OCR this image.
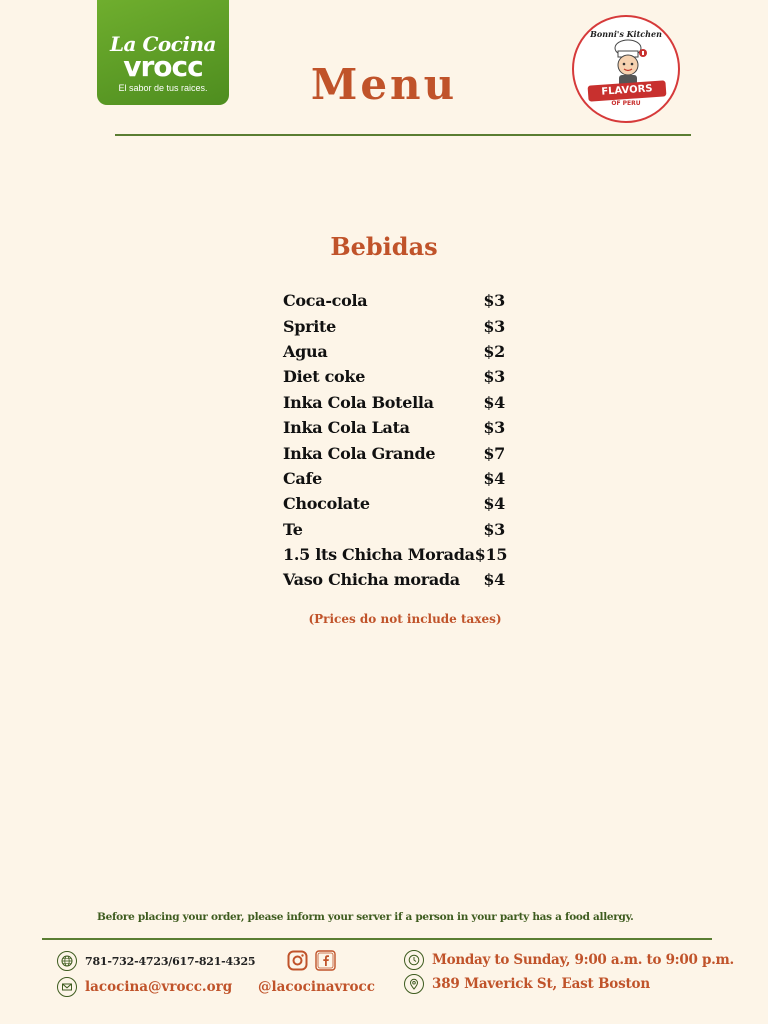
La Cocina
vrocc
El sabor de tus raices.
Bonni's Kitchen
FLAVORS
OF PERU
Menu
Bebidas
Coca-cola	$3
Sprite	$3
Agua	$2
Diet coke	$3
Inka Cola Botella	$4
Inka Cola Lata	$3
Inka Cola Grande	$7
Cafe	$4
Chocolate	$4
Te	$3
1.5 lts Chicha Morada $15
Vaso Chicha morada $4
(Prices do not include taxes)
Before placing your order, please inform your server if a person in your party has a food allergy.
781-732-4723/617-821-4325
lacocina@vrocc.org @lacocinavrocc
Monday to Sunday, 9:00 a.m. to 9:00 p.m.
389 Maverick St, East Boston
